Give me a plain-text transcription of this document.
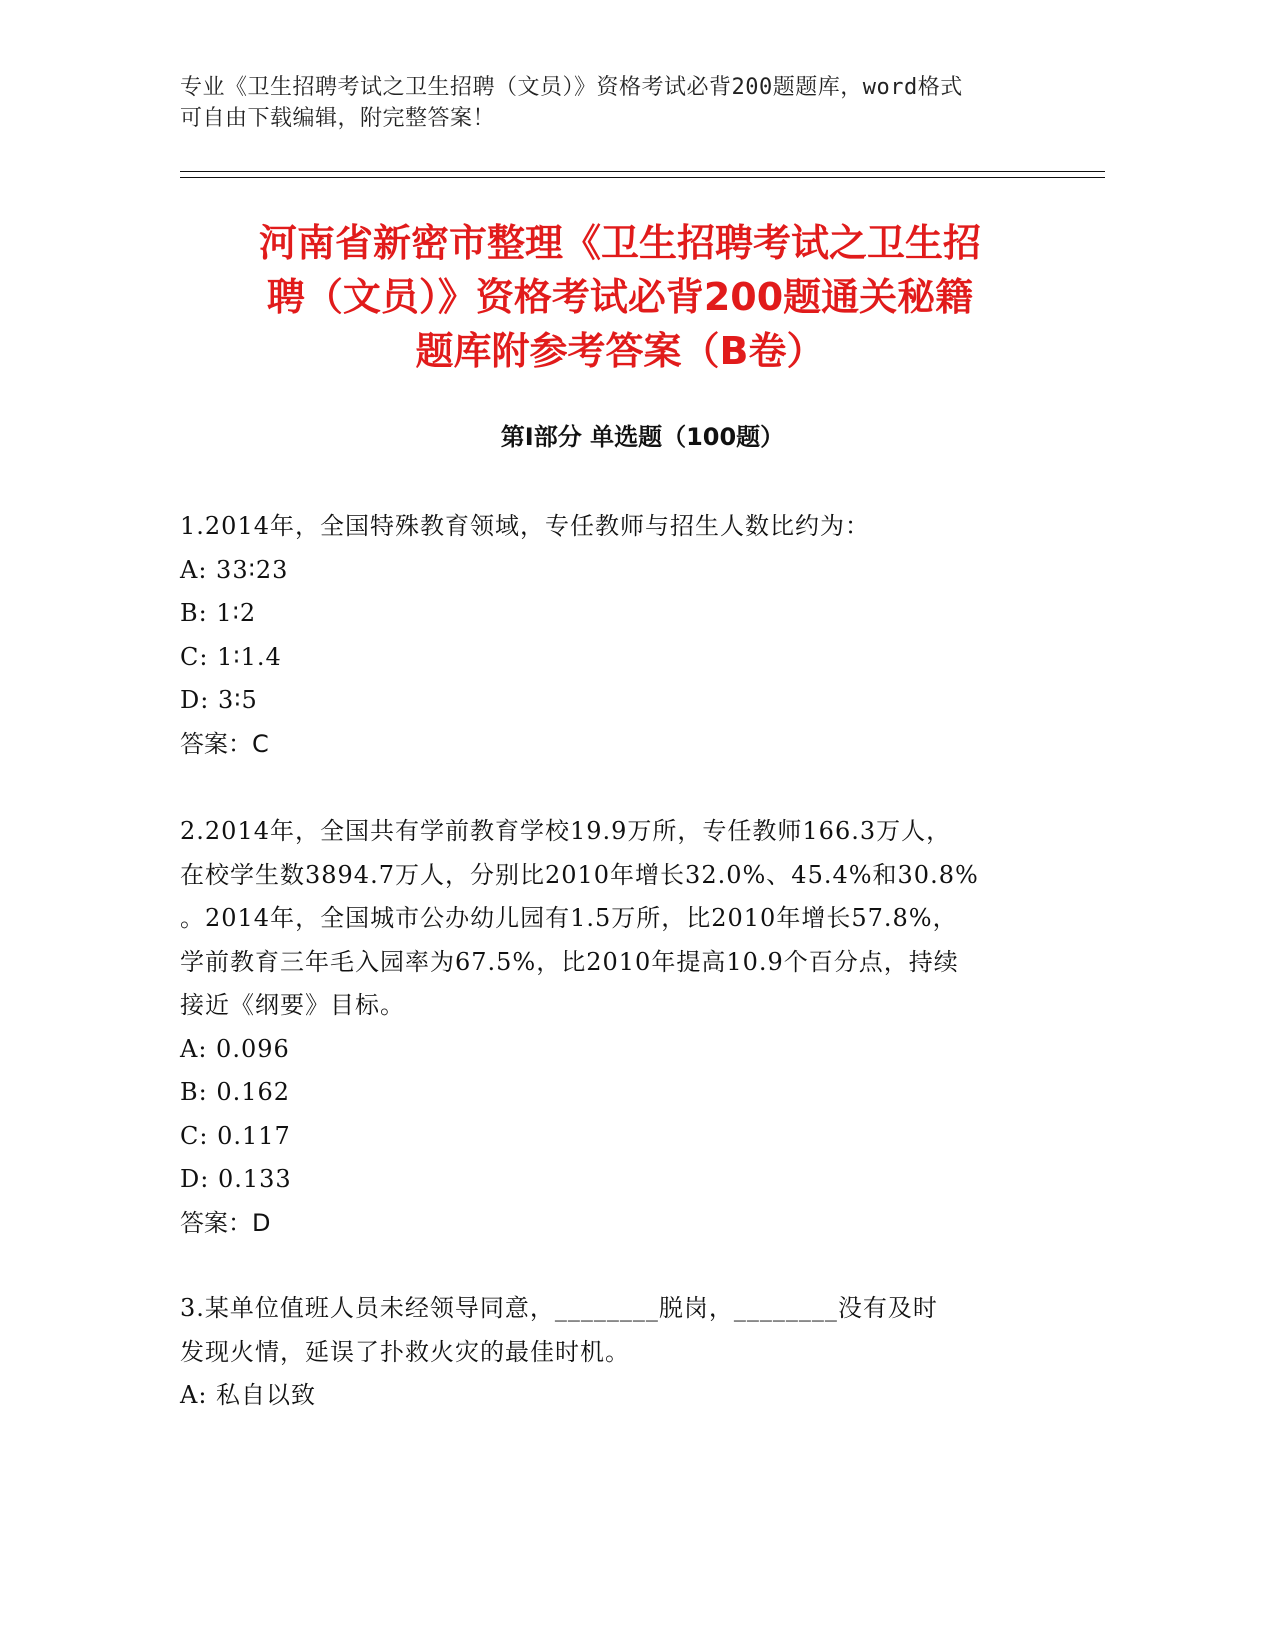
专业《卫生招聘考试之卫生招聘（文员）》资格考试必背200题题库，word格式
可自由下载编辑，附完整答案！
河南省新密市整理《卫生招聘考试之卫生招
聘（文员）》资格考试必背200题通关秘籍
题库附参考答案（B卷）
第Ⅰ部分 单选题（100题）
1.2014年，全国特殊教育领域，专任教师与招生人数比约为：
A: 33∶23
B: 1∶2
C: 1∶1.4
D: 3∶5
答案：C
2.2014年，全国共有学前教育学校19.9万所，专任教师166.3万人，
在校学生数3894.7万人，分别比2010年增长32.0%、45.4%和30.8%
。2014年，全国城市公办幼儿园有1.5万所，比2010年增长57.8%，
学前教育三年毛入园率为67.5%，比2010年提高10.9个百分点，持续
接近《纲要》目标。
A: 0.096
B: 0.162
C: 0.117
D: 0.133
答案：D
3.某单位值班人员未经领导同意，________脱岗，________没有及时
发现火情，延误了扑救火灾的最佳时机。
A: 私自以致
